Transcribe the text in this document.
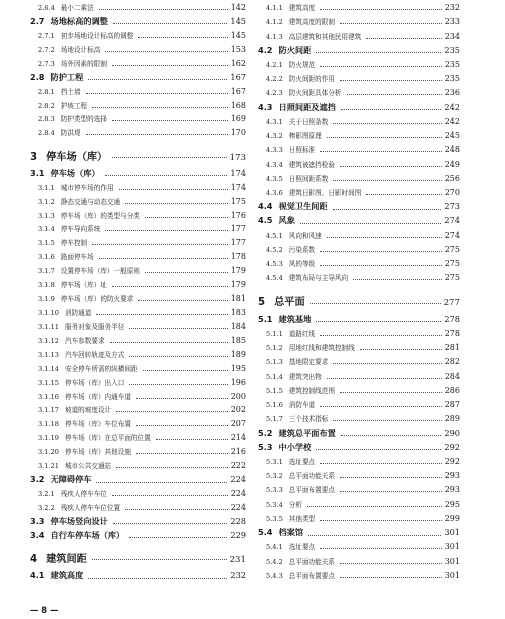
2.6.4 最小二乘法	142
2.7 场地标高的调整	145
2.7.1 初步场地设计标高的调整	145
2.7.2 场地设计标高	153
2.7.3 场外因素的限制	162
2.8 防护工程	167
2.8.1 挡土墙	167
2.8.2 护坡工程	168
2.8.3 防护类型的选择	169
2.8.4 防洪堤	170
3 停车场（库）	173
3.1 停车场（库）	174
3.1.1 城市停车场的作用	174
3.1.2 静态交通与动态交通	175
3.1.3 停车场（库）的类型与分类	176
3.1.4 停车导向系统	177
3.1.5 停车控制	177
3.1.6 路面停车场	178
3.1.7 设置停车场（库）一般原则	179
3.1.8 停车场（库）址	179
3.1.9 停车场（库）的防火要求	181
3.1.10 消防通道	183
3.1.11 服务对象及服务半径	184
3.1.12 汽车参数要求	185
3.1.13 汽车回转轨迹及方式	189
3.1.14 安全停车所需的纵横间距	195
3.1.15 停车场（库）出入口	196
3.1.16 停车场（库）内通车道	200
3.1.17 坡道的坡度设计	202
3.1.18 停车场（库）车位布置	207
3.1.19 停车场（库）在总平面的位置	214
3.1.20 停车场（库）其他设施	216
3.1.21 城市公共交通站	222
3.2 无障碍停车	224
3.2.1 残疾人停车车位	224
3.2.2 残疾人停车车位位置	224
3.3 停车场竖向设计	228
3.4 自行车停车场（库）	229
4 建筑间距	231
4.1 建筑高度	232
4.1.1 建筑高度	232
4.1.2 建筑高度的限制	233
4.1.3 高层建筑和其他民用建筑	234
4.2 防火间距	235
4.2.1 防火规范	235
4.2.2 防火间距的作用	235
4.2.3 防火间距具体分析	236
4.3 日照间距及遮挡	242
4.3.1 关于日照条数	242
4.3.2 棒影图原理	245
4.3.3 日照标准	248
4.3.4 建筑被遮挡检验	249
4.3.5 日照间距系数	256
4.3.6 建筑日影图、日影时间图	270
4.4 视觉卫生间距	273
4.5 风象	274
4.5.1 风向和风速	274
4.5.2 污染系数	275
4.5.3 风的等级	275
4.5.4 建筑布局与主导风向	275
5 总平面	277
5.1 建筑基地	278
5.1.1 道路红线	278
5.1.2 用地红线和建筑控制线	281
5.1.3 基地限定要求	282
5.1.4 建筑突出物	284
5.1.5 建筑控制线范围	286
5.1.6 消防车道	287
5.1.7 三个技术指标	289
5.2 建筑总平面布置	290
5.3 中小学校	292
5.3.1 选址要点	292
5.3.2 总平面功能关系	293
5.3.3 总平面布置要点	293
5.3.4 分析	295
5.3.5 其他类型	299
5.4 档案馆	301
5.4.1 选址要点	301
5.4.2 总平面功能关系	301
5.4.3 总平面布置要点	301
— 8 —
